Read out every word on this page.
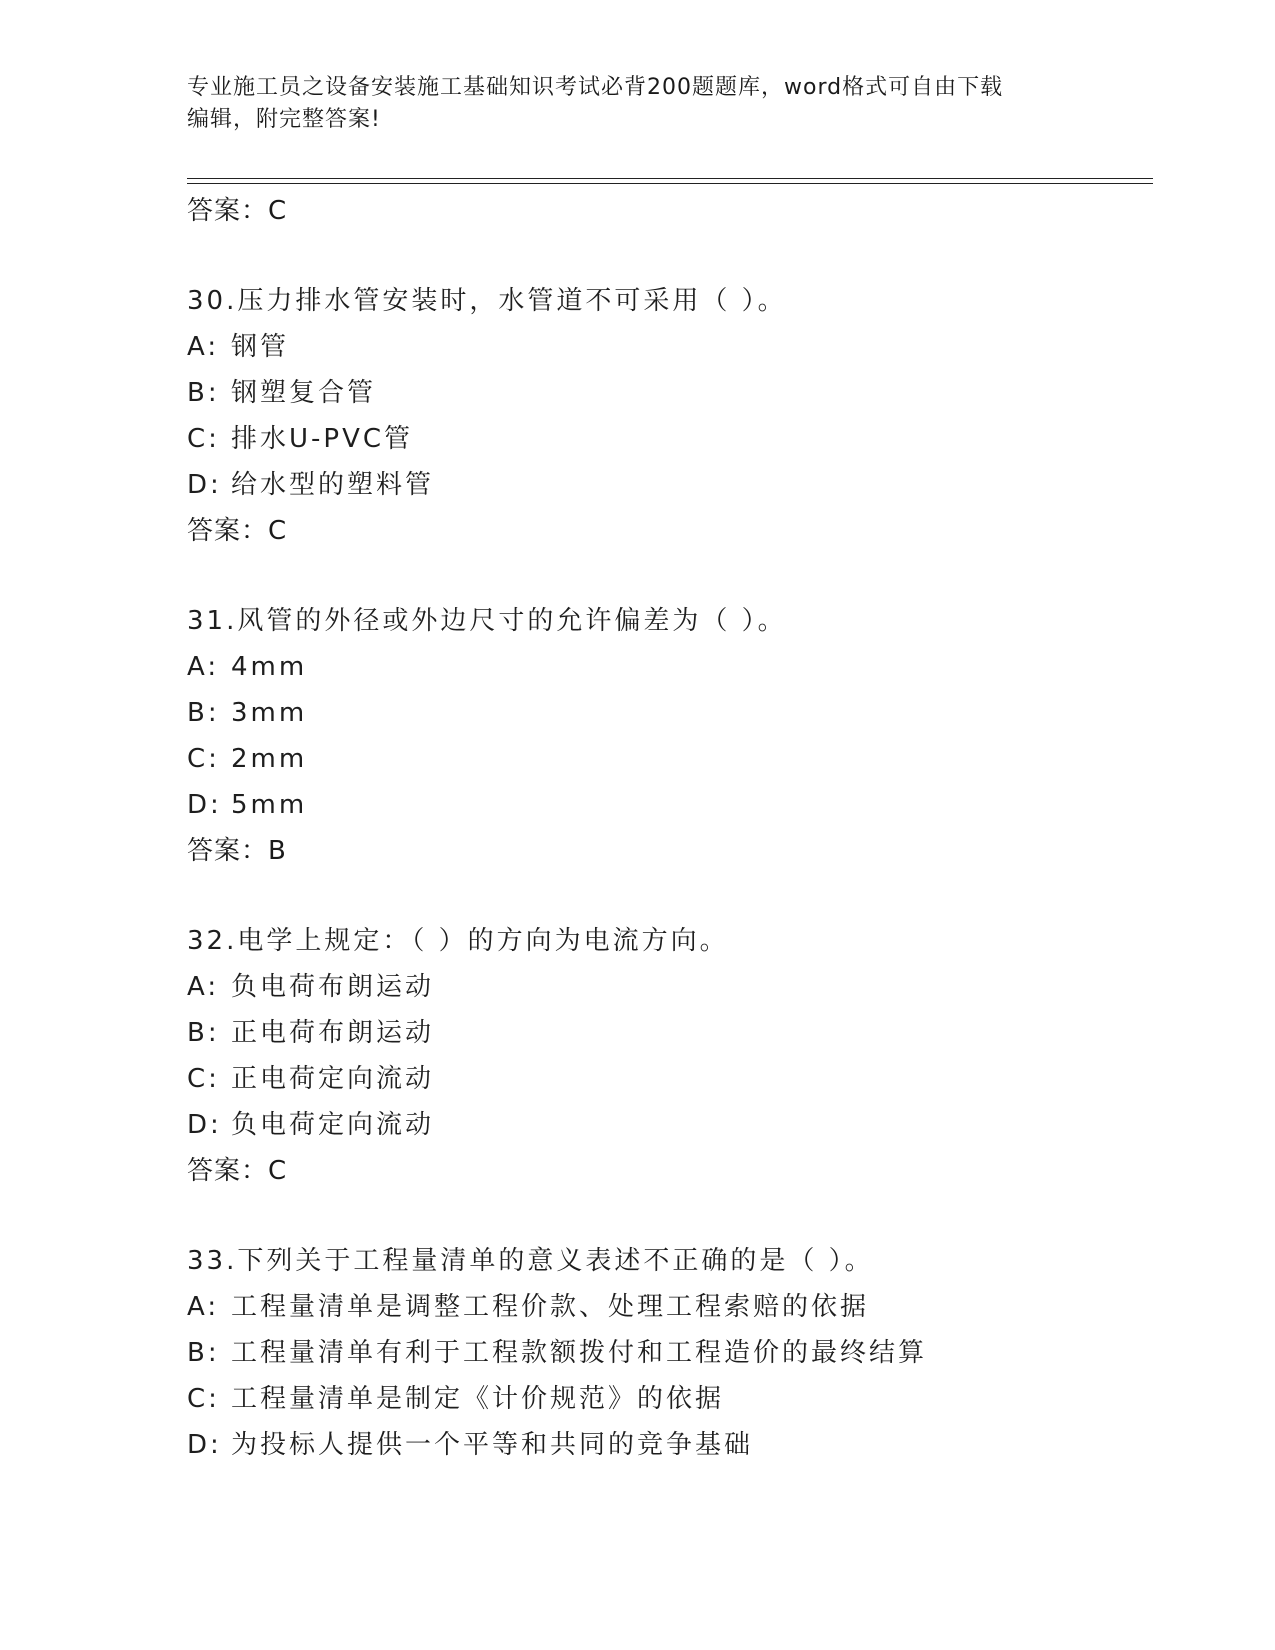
专业施工员之设备安装施工基础知识考试必背200题题库，word格式可自由下载
编辑，附完整答案!
答案：C
30.压力排水管安装时，水管道不可采用（ ）。
A: 钢管
B: 钢塑复合管
C: 排水U-PVC管
D: 给水型的塑料管
答案：C
31.风管的外径或外边尺寸的允许偏差为（ ）。
A: 4mm
B: 3mm
C: 2mm
D: 5mm
答案：B
32.电学上规定：（ ）的方向为电流方向。
A: 负电荷布朗运动
B: 正电荷布朗运动
C: 正电荷定向流动
D: 负电荷定向流动
答案：C
33.下列关于工程量清单的意义表述不正确的是（ ）。
A: 工程量清单是调整工程价款、处理工程索赔的依据
B: 工程量清单有利于工程款额拨付和工程造价的最终结算
C: 工程量清单是制定《计价规范》的依据
D: 为投标人提供一个平等和共同的竞争基础
